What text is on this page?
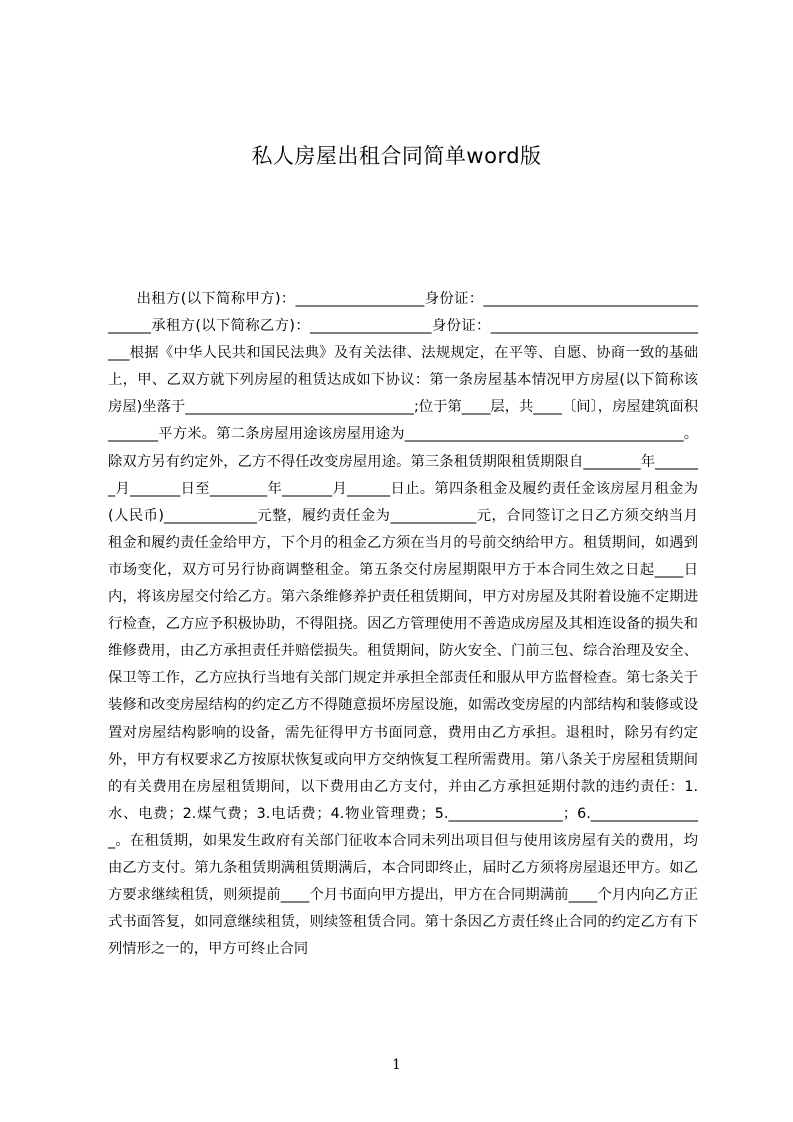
私人房屋出租合同简单word版

出租方(以下简称甲方)：__________________身份证：____________________________________承租方(以下简称乙方)：_________________身份证：________________________________根据《中华人民共和国民法典》及有关法律、法规规定，在平等、自愿、协商一致的基础上，甲、乙双方就下列房屋的租赁达成如下协议：第一条房屋基本情况甲方房屋(以下简称该房屋)坐落于________________________________;位于第____层，共____〔间〕，房屋建筑面积_______平方米。第二条房屋用途该房屋用途为_______________________________________。除双方另有约定外，乙方不得任改变房屋用途。第三条租赁期限租赁期限自________年_______月_______日至________年_______月______日止。第四条租金及履约责任金该房屋月租金为(人民币)_____________元整，履约责任金为____________元，合同签订之日乙方须交纳当月租金和履约责任金给甲方，下个月的租金乙方须在当月的号前交纳给甲方。租赁期间，如遇到市场变化，双方可另行协商调整租金。第五条交付房屋期限甲方于本合同生效之日起____日内，将该房屋交付给乙方。第六条维修养护责任租赁期间，甲方对房屋及其附着设施不定期进行检查，乙方应予积极协助，不得阻挠。因乙方管理使用不善造成房屋及其相连设备的损失和维修费用，由乙方承担责任并赔偿损失。租赁期间，防火安全、门前三包、综合治理及安全、保卫等工作，乙方应执行当地有关部门规定并承担全部责任和服从甲方监督检查。第七条关于装修和改变房屋结构的约定乙方不得随意损坏房屋设施，如需改变房屋的内部结构和装修或设置对房屋结构影响的设备，需先征得甲方书面同意，费用由乙方承担。退租时，除另有约定外，甲方有权要求乙方按原状恢复或向甲方交纳恢复工程所需费用。第八条关于房屋租赁期间的有关费用在房屋租赁期间，以下费用由乙方支付，并由乙方承担延期付款的违约责任：1.水、电费；2.煤气费；3.电话费；4.物业管理费；5.________________；6.________________。在租赁期，如果发生政府有关部门征收本合同未列出项目但与使用该房屋有关的费用，均由乙方支付。第九条租赁期满租赁期满后，本合同即终止，届时乙方须将房屋退还甲方。如乙方要求继续租赁，则须提前____个月书面向甲方提出，甲方在合同期满前____个月内向乙方正式书面答复，如同意继续租赁，则续签租赁合同。第十条因乙方责任终止合同的约定乙方有下列情形之一的，甲方可终止合同

1
